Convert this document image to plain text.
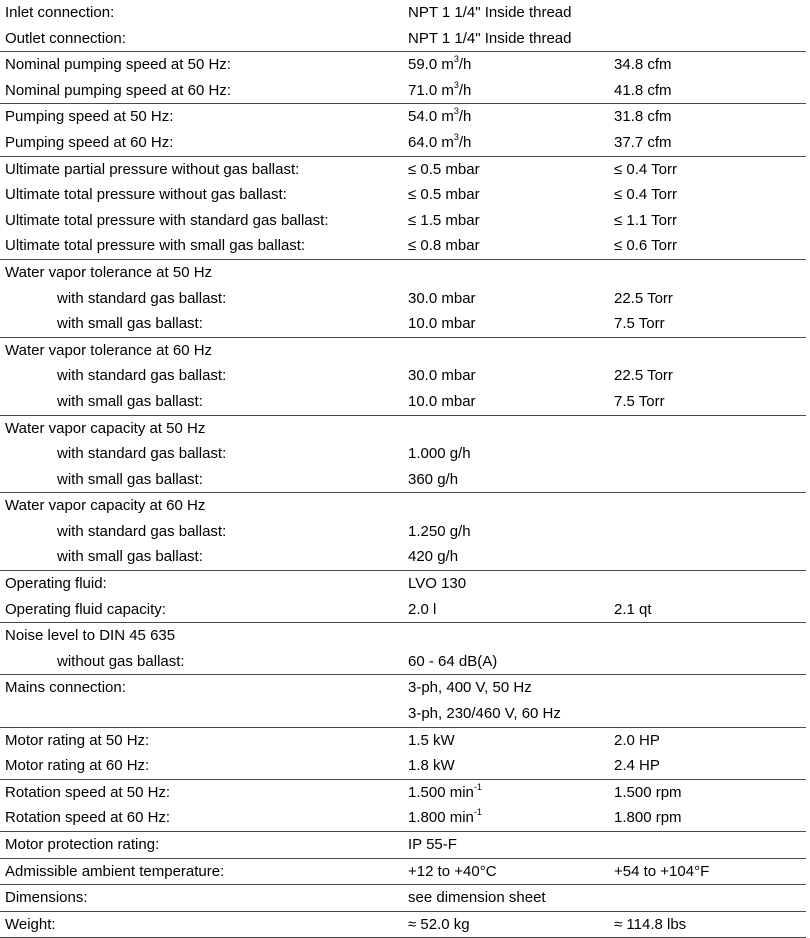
Inlet connection:	NPT 1 1/4" Inside thread
Outlet connection:	NPT 1 1/4" Inside thread
Nominal pumping speed at 50 Hz:	59.0 $m^3/h$	34.8 cfm
Nominal pumping speed at 60 Hz:	71.0 $m^3/h$	41.8 cfm
Pumping speed at 50 Hz:	54.0 $m^3/h$	31.8 cfm
Pumping speed at 60 Hz:	64.0 $m^3/h$	37.7 cfm
Ultimate partial pressure without gas ballast:	≤ 0.5 mbar	≤ 0.4 Torr
Ultimate total pressure without gas ballast:	≤ 0.5 mbar	≤ 0.4 Torr
Ultimate total pressure with standard gas ballast:	≤ 1.5 mbar	≤ 1.1 Torr
Ultimate total pressure with small gas ballast:	≤ 0.8 mbar	≤ 0.6 Torr
Water vapor tolerance at 50 Hz
with standard gas ballast:	30.0 mbar	22.5 Torr
with small gas ballast:	10.0 mbar	7.5 Torr
Water vapor tolerance at 60 Hz
with standard gas ballast:	30.0 mbar	22.5 Torr
with small gas ballast:	10.0 mbar	7.5 Torr
Water vapor capacity at 50 Hz
with standard gas ballast:	1.000 g/h
with small gas ballast:	360 g/h
Water vapor capacity at 60 Hz
with standard gas ballast:	1.250 g/h
with small gas ballast:	420 g/h
Operating fluid:	LVO 130
Operating fluid capacity:	2.0 l	2.1 qt
Noise level to DIN 45 635
without gas ballast:	60 - 64 dB(A)
Mains connection:	3-ph, 400 V, 50 Hz
3-ph, 230/460 V, 60 Hz
Motor rating at 50 Hz:	1.5 kW	2.0 HP
Motor rating at 60 Hz:	1.8 kW	2.4 HP
Rotation speed at 50 Hz:	1.500 $\min^{-1}$	1.500 rpm
Rotation speed at 60 Hz:	1.800 $\min^{-1}$	1.800 rpm
Motor protection rating:	IP 55-F
Admissible ambient temperature:	+12 to +40°C	+54 to +104°F
Dimensions:	see dimension sheet
Weight:	≈ 52.0 kg	≈ 114.8 lbs
